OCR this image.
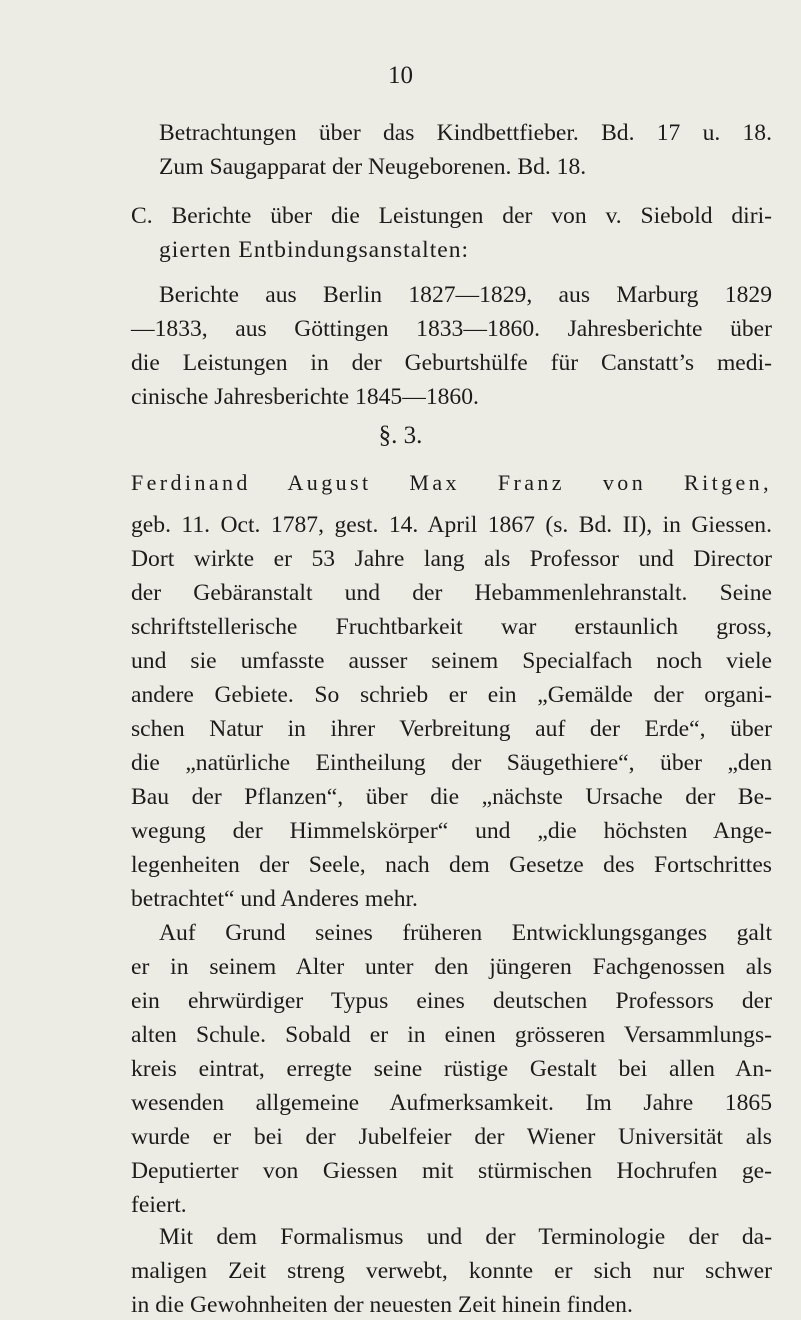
10
Betrachtungen über das Kindbettfieber. Bd. 17 u. 18.
Zum Saugapparat der Neugeborenen. Bd. 18.
C. Berichte über die Leistungen der von v. Siebold diri-
gierten Entbindungsanstalten:
Berichte aus Berlin 1827—1829, aus Marburg 1829
—1833, aus Göttingen 1833—1860. Jahresberichte über
die Leistungen in der Geburtshülfe für Canstatt’s medi-
cinische Jahresberichte 1845—1860.
§. 3.
Ferdinand August Max Franz von Ritgen,
geb. 11. Oct. 1787, gest. 14. April 1867 (s. Bd. II), in Giessen.
Dort wirkte er 53 Jahre lang als Professor und Director
der Gebäranstalt und der Hebammenlehranstalt. Seine
schriftstellerische Fruchtbarkeit war erstaunlich gross,
und sie umfasste ausser seinem Specialfach noch viele
andere Gebiete. So schrieb er ein „Gemälde der organi-
schen Natur in ihrer Verbreitung auf der Erde“, über
die „natürliche Eintheilung der Säugethiere“, über „den
Bau der Pflanzen“, über die „nächste Ursache der Be-
wegung der Himmelskörper“ und „die höchsten Ange-
legenheiten der Seele, nach dem Gesetze des Fortschrittes
betrachtet“ und Anderes mehr.
Auf Grund seines früheren Entwicklungsganges galt
er in seinem Alter unter den jüngeren Fachgenossen als
ein ehrwürdiger Typus eines deutschen Professors der
alten Schule. Sobald er in einen grösseren Versammlungs-
kreis eintrat, erregte seine rüstige Gestalt bei allen An-
wesenden allgemeine Aufmerksamkeit. Im Jahre 1865
wurde er bei der Jubelfeier der Wiener Universität als
Deputierter von Giessen mit stürmischen Hochrufen ge-
feiert.
Mit dem Formalismus und der Terminologie der da-
maligen Zeit streng verwebt, konnte er sich nur schwer
in die Gewohnheiten der neuesten Zeit hinein finden.
